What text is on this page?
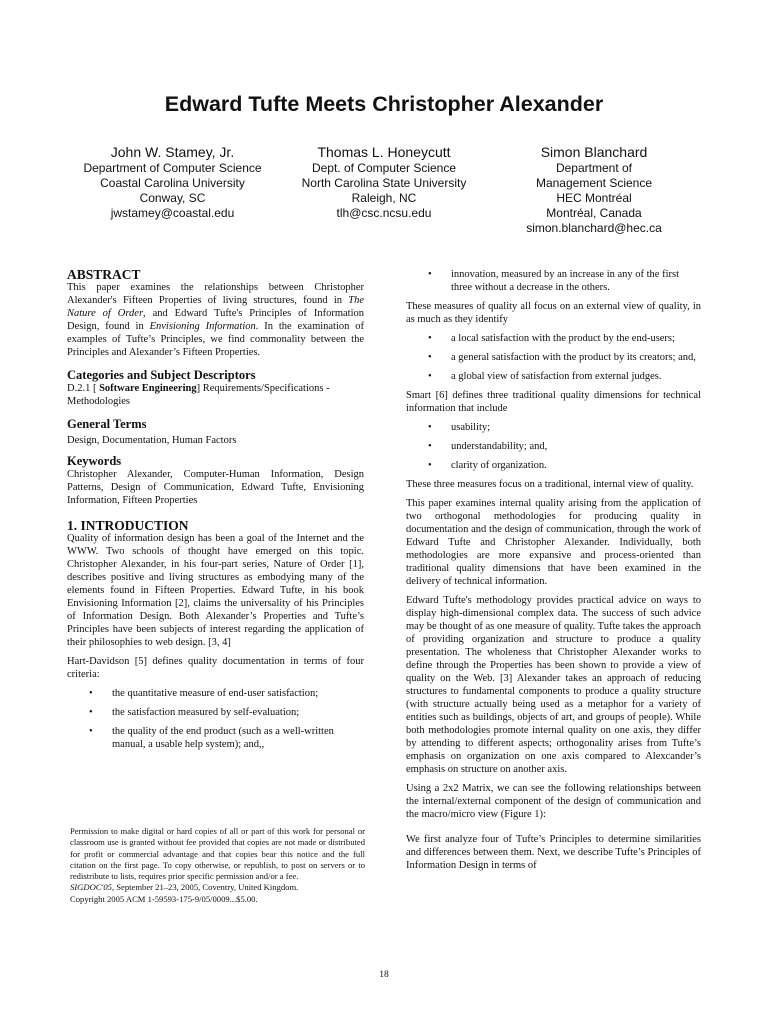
Edward Tufte Meets Christopher Alexander
John W. Stamey, Jr.
Department of Computer Science
Coastal Carolina University
Conway, SC
jwstamey@coastal.edu
Thomas L. Honeycutt
Dept. of Computer Science
North Carolina State University
Raleigh, NC
tlh@csc.ncsu.edu
Simon Blanchard
Department of
Management Science
HEC Montréal
Montréal, Canada
simon.blanchard@hec.ca
ABSTRACT

This paper examines the relationships between Christopher Alexander's Fifteen Properties of living structures, found in The Nature of Order, and Edward Tufte's Principles of Information Design, found in Envisioning Information. In the examination of examples of Tufte’s Principles, we find commonality between the Principles and Alexander’s Fifteen Properties.

Categories and Subject Descriptors

D.2.1 [ Software Engineering] Requirements/Specifications - Methodologies

General Terms

Design, Documentation, Human Factors

Keywords

Christopher Alexander, Computer-Human Information, Design Patterns, Design of Communication, Edward Tufte, Envisioning Information, Fifteen Properties

1. INTRODUCTION

Quality of information design has been a goal of the Internet and the WWW. Two schools of thought have emerged on this topic. Christopher Alexander, in his four-part series, Nature of Order [1], describes positive and living structures as embodying many of the elements found in Fifteen Properties. Edward Tufte, in his book Envisioning Information [2], claims the universality of his Principles of Information Design. Both Alexander’s Properties and Tufte’s Principles have been subjects of interest regarding the application of their philosophies to web design. [3, 4]

Hart-Davidson [5] defines quality documentation in terms of four criteria:

• the quantitative measure of end-user satisfaction;
• the satisfaction measured by self-evaluation;
• the quality of the end product (such as a well-written manual, a usable help system); and,,

Permission to make digital or hard copies of all or part of this work for personal or classroom use is granted without fee provided that copies are not made or distributed for profit or commercial advantage and that copies bear this notice and the full citation on the first page. To copy otherwise, or republish, to post on servers or to redistribute to lists, requires prior specific permission and/or a fee.

SIGDOC'05, September 21–23, 2005, Coventry, United Kingdom.

Copyright 2005 ACM 1-59593-175-9/05/0009...$5.00.

• innovation, measured by an increase in any of the first three without a decrease in the others.

These measures of quality all focus on an external view of quality, in as much as they identify

• a local satisfaction with the product by the end-users;
• a general satisfaction with the product by its creators; and,
• a global view of satisfaction from external judges.

Smart [6] defines three traditional quality dimensions for technical information that include

• usability;
• understandability; and,
• clarity of organization.

These three measures focus on a traditional, internal view of quality.

This paper examines internal quality arising from the application of two orthogonal methodologies for producing quality in documentation and the design of communication, through the work of Edward Tufte and Christopher Alexander. Individually, both methodologies are more expansive and process-oriented than traditional quality dimensions that have been examined in the delivery of technical information.

Edward Tufte's methodology provides practical advice on ways to display high-dimensional complex data. The success of such advice may be thought of as one measure of quality. Tufte takes the approach of providing organization and structure to produce a quality presentation. The wholeness that Christopher Alexander works to define through the Properties has been shown to provide a view of quality on the Web. [3] Alexander takes an approach of reducing structures to fundamental components to produce a quality structure (with structure actually being used as a metaphor for a variety of entities such as buildings, objects of art, and groups of people). While both methodologies promote internal quality on one axis, they differ by attending to different aspects; orthogonality arises from Tufte’s emphasis on organization on one axis compared to Alexcander’s emphasis on structure on another axis.

Using a 2x2 Matrix, we can see the following relationships between the internal/external component of the design of communication and the macro/micro view (Figure 1):

We first analyze four of Tufte’s Principles to determine similarities and differences between them. Next, we describe Tufte’s Principles of Information Design in terms of

18
